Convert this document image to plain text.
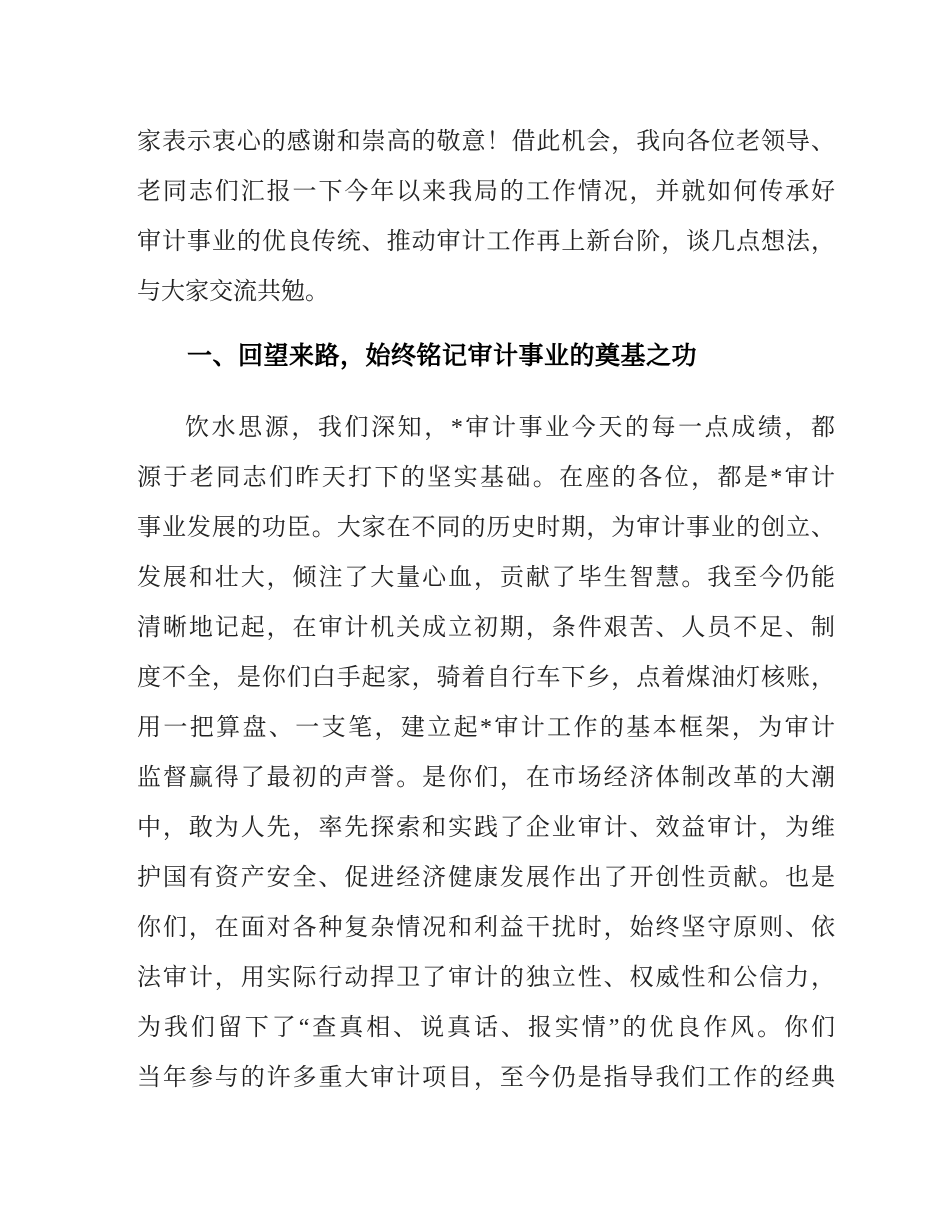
家表示衷心的感谢和崇高的敬意！借此机会，我向各位老领导、
老同志们汇报一下今年以来我局的工作情况，并就如何传承好
审计事业的优良传统、推动审计工作再上新台阶，谈几点想法，
与大家交流共勉。
一、回望来路，始终铭记审计事业的奠基之功
饮水思源，我们深知，*审计事业今天的每一点成绩，都
源于老同志们昨天打下的坚实基础。在座的各位，都是*审计
事业发展的功臣。大家在不同的历史时期，为审计事业的创立、
发展和壮大，倾注了大量心血，贡献了毕生智慧。我至今仍能
清晰地记起，在审计机关成立初期，条件艰苦、人员不足、制
度不全，是你们白手起家，骑着自行车下乡，点着煤油灯核账，
用一把算盘、一支笔，建立起*审计工作的基本框架，为审计
监督赢得了最初的声誉。是你们，在市场经济体制改革的大潮
中，敢为人先，率先探索和实践了企业审计、效益审计，为维
护国有资产安全、促进经济健康发展作出了开创性贡献。也是
你们，在面对各种复杂情况和利益干扰时，始终坚守原则、依
法审计，用实际行动捍卫了审计的独立性、权威性和公信力，
为我们留下了“查真相、说真话、报实情”的优良作风。你们
当年参与的许多重大审计项目，至今仍是指导我们工作的经典
